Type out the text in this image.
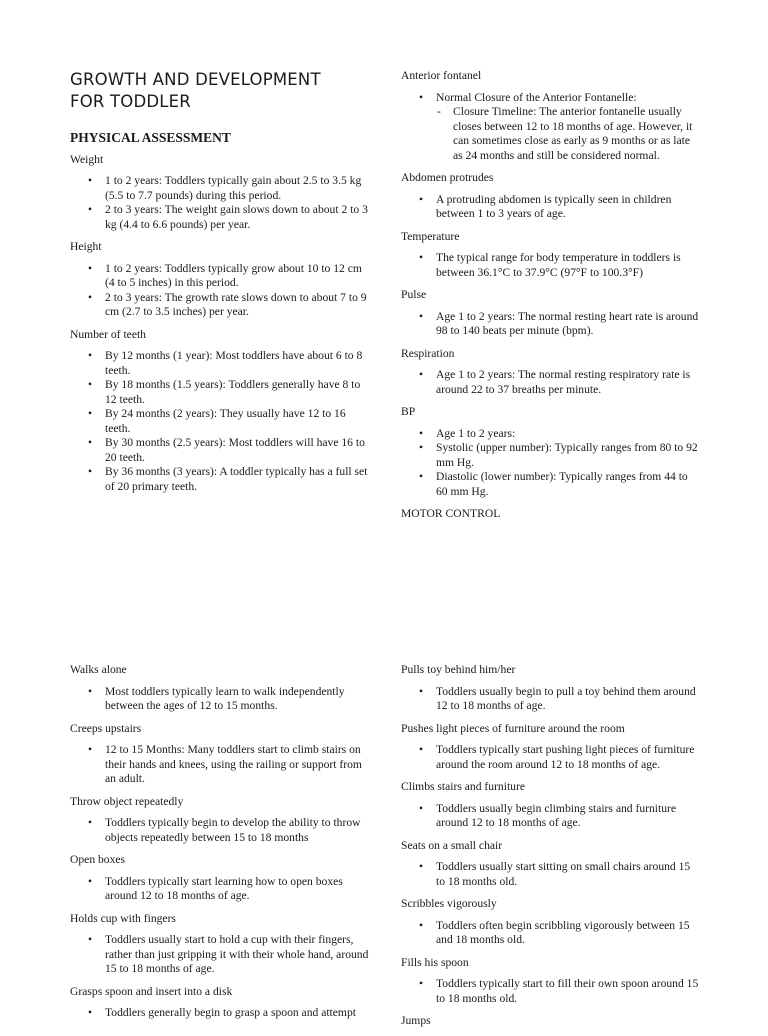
GROWTH AND DEVELOPMENT
FOR TODDLER
PHYSICAL ASSESSMENT
Weight
• 1 to 2 years: Toddlers typically gain about 2.5 to 3.5 kg (5.5 to 7.7 pounds) during this period.
• 2 to 3 years: The weight gain slows down to about 2 to 3 kg (4.4 to 6.6 pounds) per year.
Height
• 1 to 2 years: Toddlers typically grow about 10 to 12 cm (4 to 5 inches) in this period.
• 2 to 3 years: The growth rate slows down to about 7 to 9 cm (2.7 to 3.5 inches) per year.
Number of teeth
• By 12 months (1 year): Most toddlers have about 6 to 8 teeth.
• By 18 months (1.5 years): Toddlers generally have 8 to 12 teeth.
• By 24 months (2 years): They usually have 12 to 16 teeth.
• By 30 months (2.5 years): Most toddlers will have 16 to 20 teeth.
• By 36 months (3 years): A toddler typically has a full set of 20 primary teeth.
Anterior fontanel
• Normal Closure of the Anterior Fontanelle:
- Closure Timeline: The anterior fontanelle usually closes between 12 to 18 months of age. However, it can sometimes close as early as 9 months or as late as 24 months and still be considered normal.
Abdomen protrudes
• A protruding abdomen is typically seen in children between 1 to 3 years of age.
Temperature
• The typical range for body temperature in toddlers is between 36.1°C to 37.9°C (97°F to 100.3°F)
Pulse
• Age 1 to 2 years: The normal resting heart rate is around 98 to 140 beats per minute (bpm).
Respiration
• Age 1 to 2 years: The normal resting respiratory rate is around 22 to 37 breaths per minute.
BP
• Age 1 to 2 years:
• Systolic (upper number): Typically ranges from 80 to 92 mm Hg.
• Diastolic (lower number): Typically ranges from 44 to 60 mm Hg.
MOTOR CONTROL
Walks alone
• Most toddlers typically learn to walk independently between the ages of 12 to 15 months.
Creeps upstairs
• 12 to 15 Months: Many toddlers start to climb stairs on their hands and knees, using the railing or support from an adult.
Throw object repeatedly
• Toddlers typically begin to develop the ability to throw objects repeatedly between 15 to 18 months
Open boxes
• Toddlers typically start learning how to open boxes around 12 to 18 months of age.
Holds cup with fingers
• Toddlers usually start to hold a cup with their fingers, rather than just gripping it with their whole hand, around 15 to 18 months of age.
Grasps spoon and insert into a disk
• Toddlers generally begin to grasp a spoon and attempt
Pulls toy behind him/her
• Toddlers usually begin to pull a toy behind them around 12 to 18 months of age.
Pushes light pieces of furniture around the room
• Toddlers typically start pushing light pieces of furniture around the room around 12 to 18 months of age.
Climbs stairs and furniture
• Toddlers usually begin climbing stairs and furniture around 12 to 18 months of age.
Seats on a small chair
• Toddlers usually start sitting on small chairs around 15 to 18 months old.
Scribbles vigorously
• Toddlers often begin scribbling vigorously between 15 and 18 months old.
Fills his spoon
• Toddlers typically start to fill their own spoon around 15 to 18 months old.
Jumps
